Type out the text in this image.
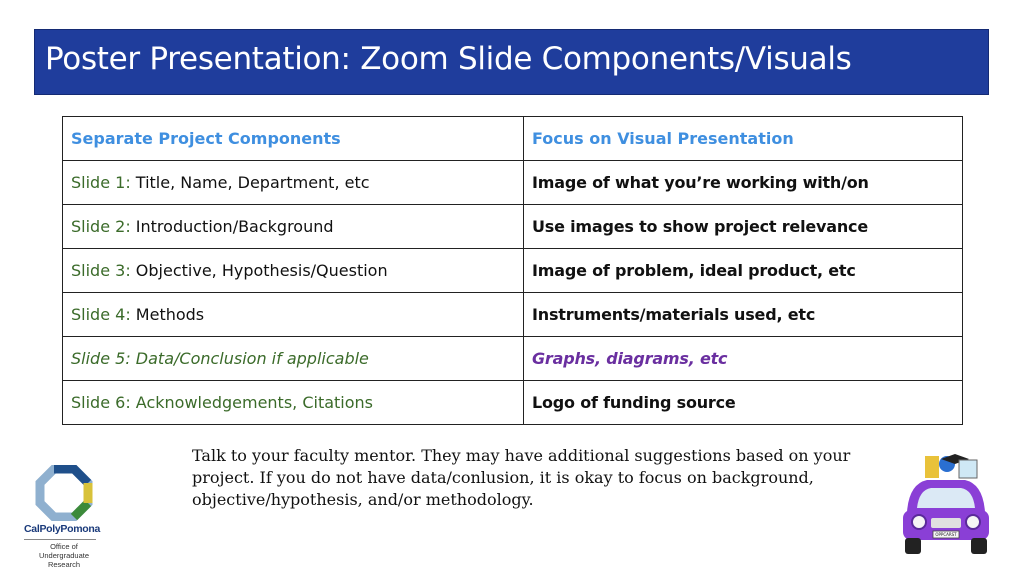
Poster Presentation: Zoom Slide Components/Visuals
Separate Project Components	Focus on Visual Presentation
Slide 1: Title, Name, Department, etc	Image of what you’re working with/on
Slide 2: Introduction/Background	Use images to show project relevance
Slide 3: Objective, Hypothesis/Question	Image of problem, ideal product, etc
Slide 4: Methods	Instruments/materials used, etc
Slide 5: Data/Conclusion if applicable	Graphs, diagrams, etc
Slide 6: Acknowledgements, Citations	Logo of funding source
Talk to your faculty mentor. They may have additional suggestions based on your project. If you do not have data/conlusion, it is okay to focus on background, objective/hypothesis, and/or methodology.
CalPolyPomona
Office of
Undergraduate Research
OPPCARST
